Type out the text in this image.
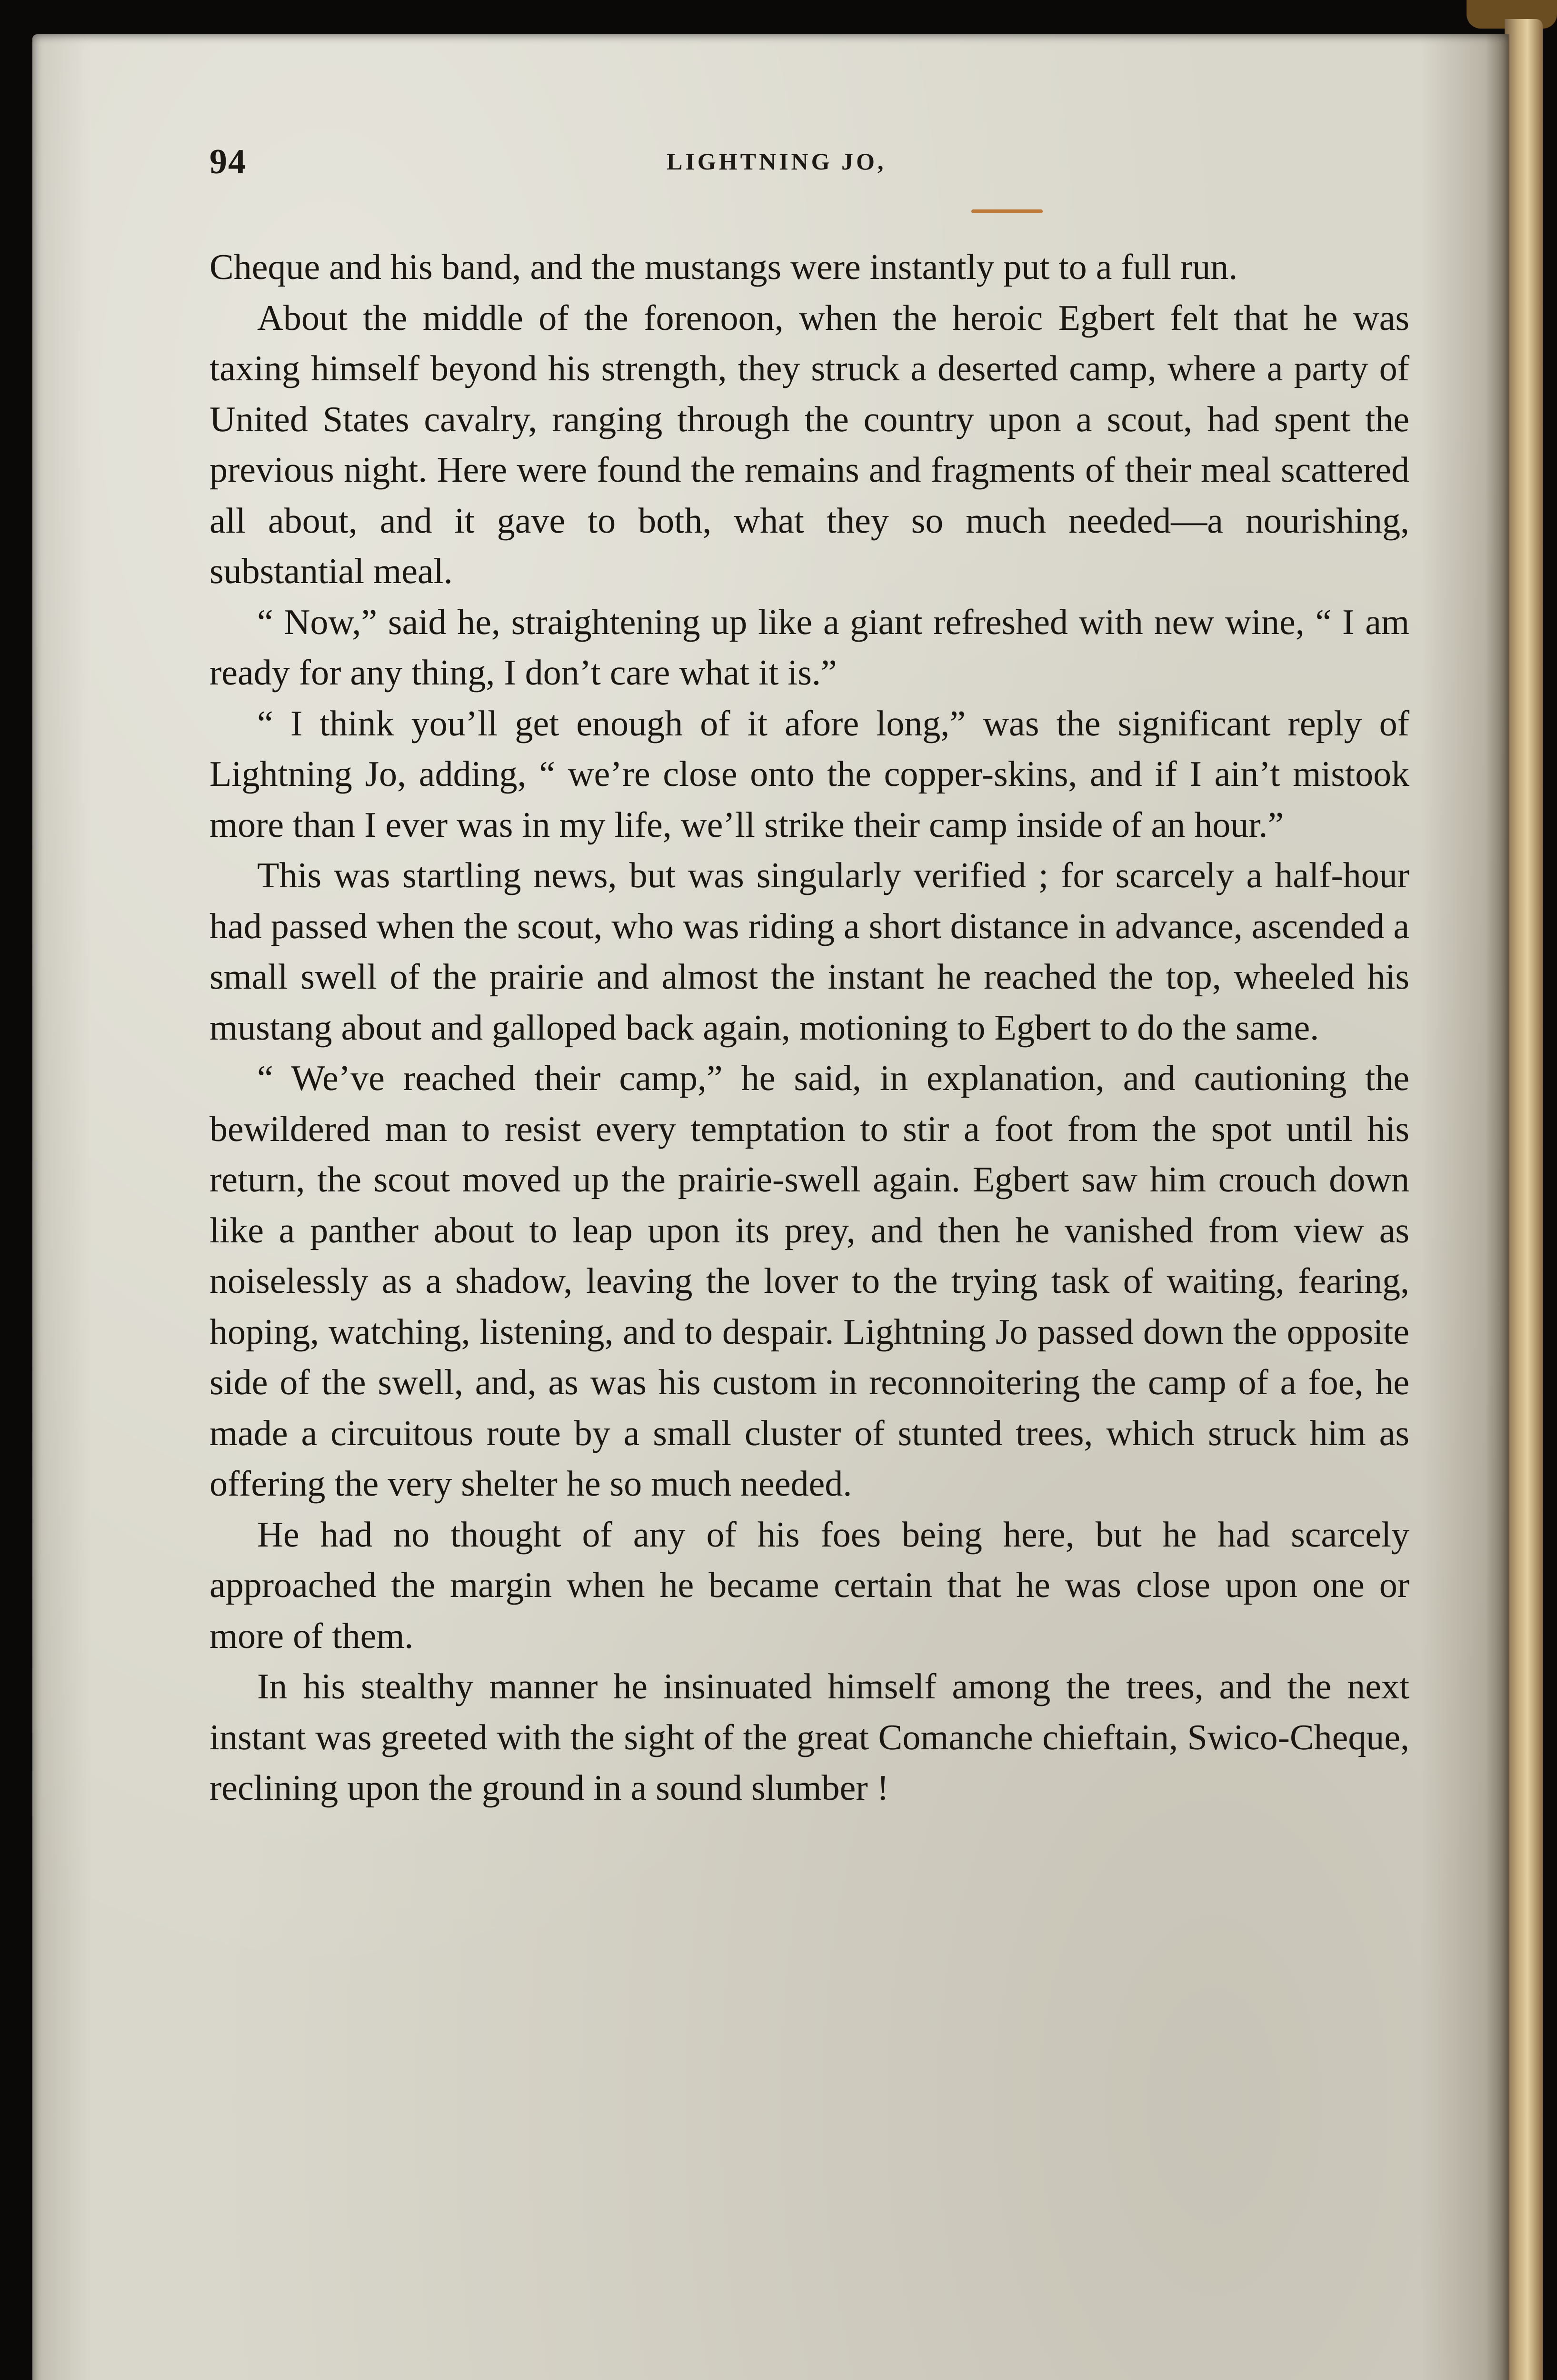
94	LIGHTNING JO,

Cheque and his band, and the mustangs were instantly put to a full run.

About the middle of the forenoon, when the heroic Egbert felt that he was taxing himself beyond his strength, they struck a deserted camp, where a party of United States cavalry, ranging through the country upon a scout, had spent the previous night. Here were found the remains and fragments of their meal scattered all about, and it gave to both, what they so much needed—a nourishing, substantial meal.

“ Now,” said he, straightening up like a giant refreshed with new wine, “ I am ready for any thing, I don’t care what it is.”

“ I think you’ll get enough of it afore long,” was the significant reply of Lightning Jo, adding, “ we’re close onto the copper-skins, and if I ain’t mistook more than I ever was in my life, we’ll strike their camp inside of an hour.”

This was startling news, but was singularly verified ; for scarcely a half-hour had passed when the scout, who was riding a short distance in advance, ascended a small swell of the prairie and almost the instant he reached the top, wheeled his mustang about and galloped back again, motioning to Egbert to do the same.

“ We’ve reached their camp,” he said, in explanation, and cautioning the bewildered man to resist every temptation to stir a foot from the spot until his return, the scout moved up the prairie-swell again. Egbert saw him crouch down like a panther about to leap upon its prey, and then he vanished from view as noiselessly as a shadow, leaving the lover to the trying task of waiting, fearing, hoping, watching, listening, and to despair. Lightning Jo passed down the opposite side of the swell, and, as was his custom in reconnoitering the camp of a foe, he made a circuitous route by a small cluster of stunted trees, which struck him as offering the very shelter he so much needed.

He had no thought of any of his foes being here, but he had scarcely approached the margin when he became certain that he was close upon one or more of them.

In his stealthy manner he insinuated himself among the trees, and the next instant was greeted with the sight of the great Comanche chieftain, Swico-Cheque, reclining upon the ground in a sound slumber !
